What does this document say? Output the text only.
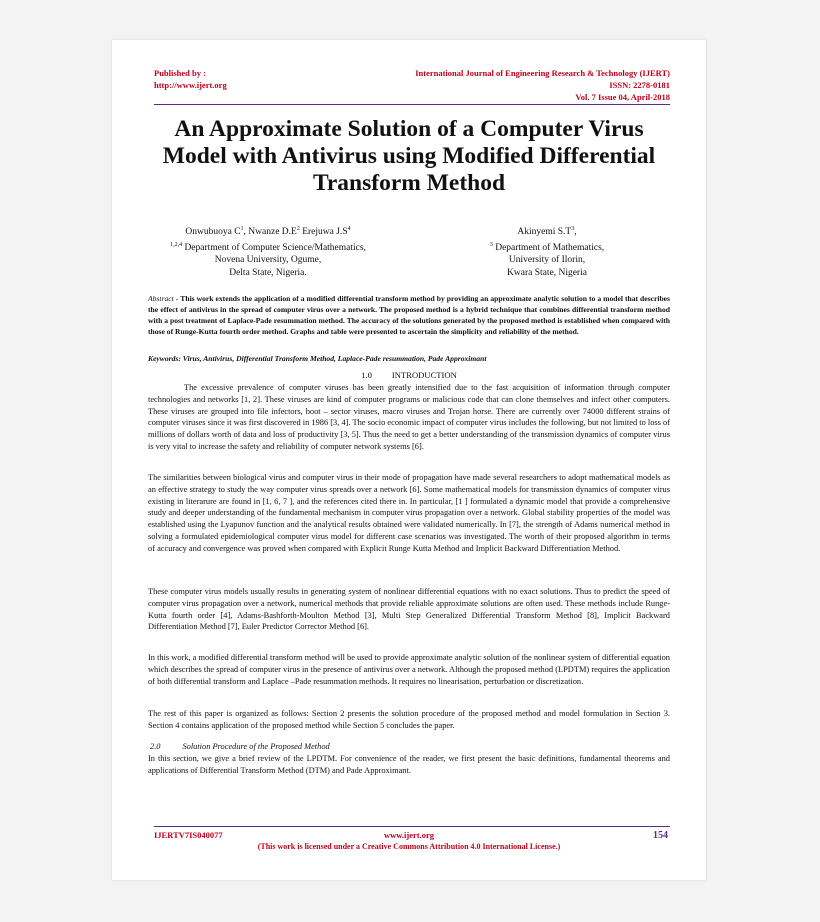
Published by :
http://www.ijert.org
International Journal of Engineering Research & Technology (IJERT)
ISSN: 2278-0181
Vol. 7 Issue 04, April-2018
An Approximate Solution of a Computer Virus
Model with Antivirus using Modified Differential
Transform Method
Onwubuoya $C^1$, Nwanze $D.E^2$ Erejuwa $J.S^4$
$^{1,2,4}$ Department of Computer Science/Mathematics,
Novena University, Ogume,
Delta State, Nigeria.
Akinyemi $S.T^3$,
$^3$ Department of Mathematics,
University of Ilorin,
Kwara State, Nigeria
Abstract - This work extends the application of a modified differential transform method by providing an approximate analytic solution to a model that describes the effect of antivirus in the spread of computer virus over a network. The proposed method is a hybrid technique that combines differential transform method with a post treatment of Laplace-Pade resummation method. The accuracy of the solutions generated by the proposed method is established when compared with those of Runge-Kutta fourth order method. Graphs and table were presented to ascertain the simplicity and reliability of the method.
Keywords: Virus, Antivirus, Differential Transform Method, Laplace-Pade resummation, Pade Approximant
1.0 INTRODUCTION
The excessive prevalence of computer viruses has been greatly intensified due to the fast acquisition of information through computer technologies and networks [1, 2]. These viruses are kind of computer programs or malicious code that can clone themselves and infect other computers. These viruses are grouped into file infectors, boot – sector viruses, macro viruses and Trojan horse. There are currently over 74000 different strains of computer viruses since it was first discovered in 1986 [3, 4]. The socio economic impact of computer virus includes the following, but not limited to loss of millions of dollars worth of data and loss of productivity [3, 5]. Thus the need to get a better understanding of the transmission dynamics of computer virus is very vital to increase the safety and reliability of computer network systems [6].
The similarities between biological virus and computer virus in their mode of propagation have made several researchers to adopt mathematical models as an effective strategy to study the way computer virus spreads over a network [6]. Some mathematical models for transmission dynamics of computer virus existing in literarure are found in [1, 6, 7 ], and the references cited there in. In particular, [1 ] formulated a dynamic model that provide a comprehensive study and deeper understanding of the fundamental mechanism in computer virus propagation over a network. Global stability properties of the model was established using the Lyapunov function and the analytical results obtained were validated numerically. In [7], the strength of Adams numerical method in solving a formulated epidemiological computer virus model for different case scenarios was investigated. The worth of their proposed algorithm in terms of accuracy and convergence was proved when compared with Explicit Runge Kutta Method and Implicit Backward Differentiation Method.
These computer virus models usually results in generating system of nonlinear differential equations with no exact solutions. Thus to predict the speed of computer virus propagation over a network, numerical methods that provide reliable approximate solutions are often used. These methods include Runge-Kutta fourth order [4], Adams-Bashforth-Moulton Method [3], Multi Step Generalized Differential Transform Method [8], Implicit Backward Differentiation Method [7], Euler Predictor Corrector Method [6].
In this work, a modified differential transform method will be used to provide approximate analytic solution of the nonlinear system of differential equation which describes the spread of computer virus in the presence of antivirus over a network. Although the proposed method (LPDTM) requires the application of both differential transform and Laplace –Pade resummation methods. It requires no linearisation, perturbation or discretization.
The rest of this paper is organized as follows: Section 2 presents the solution procedure of the proposed method and model formulation in Section 3. Section 4 contains application of the proposed method while Section 5 concludes the paper.
2.0	Solution Procedure of the Proposed Method
In this section, we give a brief review of the LPDTM. For convenience of the reader, we first present the basic definitions, fundamental theorems and applications of Differential Transform Method (DTM) and Pade Approximant.
IJERTV7IS040077	www.ijert.org	154
(This work is licensed under a Creative Commons Attribution 4.0 International License.)
